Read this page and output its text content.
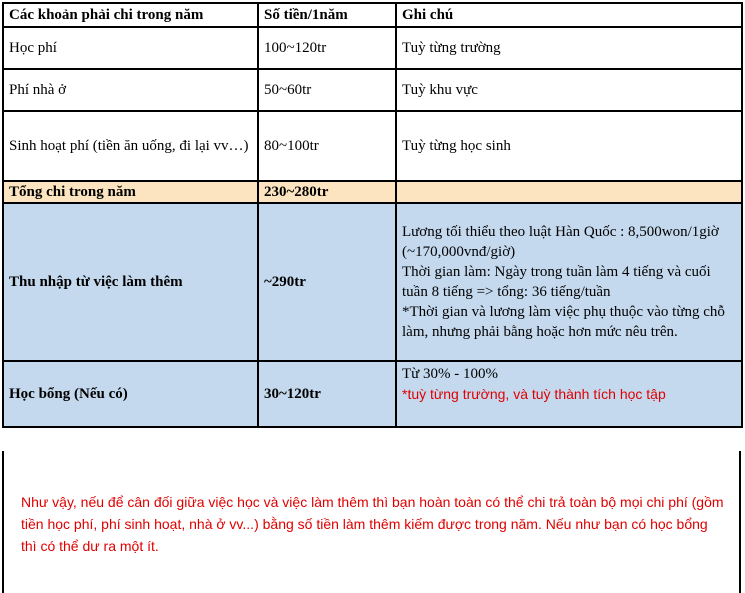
Các khoản phải chi trong năm	Số tiền/1năm	Ghi chú
Học phí	100~120tr	Tuỳ từng trường
Phí nhà ở	50~60tr	Tuỳ khu vực
Sinh hoạt phí (tiền ăn uống, đi lại vv…)	80~100tr	Tuỳ từng học sinh
Tổng chi trong năm	230~280tr	
Thu nhập từ việc làm thêm	~290tr	Lương tối thiểu theo luật Hàn Quốc : 8,500won/1giờ (~170,000vnđ/giờ)
Thời gian làm: Ngày trong tuần làm 4 tiếng và cuối tuần 8 tiếng => tổng: 36 tiếng/tuần
*Thời gian và lương làm việc phụ thuộc vào từng chỗ làm, nhưng phải bằng hoặc hơn mức nêu trên.

Học bổng (Nếu có)	30~120tr	Từ 30% - 100%
*tuỳ từng trường, và tuỳ thành tích học tập
Như vậy, nếu để cân đối giữa việc học và việc làm thêm thì bạn hoàn toàn có thể chi trả toàn bộ mọi chi phí (gồm tiền học phí, phí sinh hoạt, nhà ở vv...) bằng số tiền làm thêm kiếm được trong năm. Nếu như bạn có học bổng thì có thể dư ra một ít.
